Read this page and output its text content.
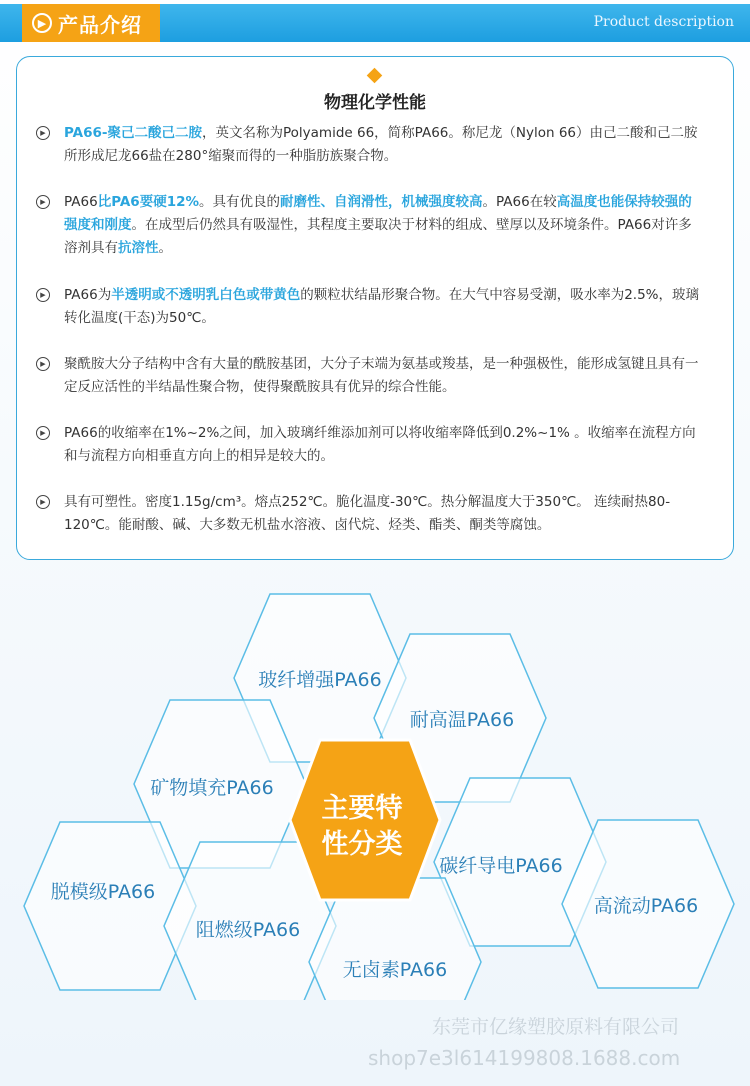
▶ 产品介绍	Product description
物理化学性能
▶	PA66-聚己二酸己二胺，英文名称为Polyamide 66，简称PA66。称尼龙（Nylon 66）由己二酸和己二胺所形成尼龙66盐在280°缩聚而得的一种脂肪族聚合物。
▶	PA66比PA6要硬12%。具有优良的耐磨性、自润滑性，机械强度较高。PA66在较高温度也能保持较强的强度和刚度。在成型后仍然具有吸湿性，其程度主要取决于材料的组成、壁厚以及环境条件。PA66对许多溶剂具有抗溶性。
▶	PA66为半透明或不透明乳白色或带黄色的颗粒状结晶形聚合物。在大气中容易受潮，吸水率为2.5%，玻璃转化温度(干态)为50℃。
▶	聚酰胺大分子结构中含有大量的酰胺基团，大分子末端为氨基或羧基，是一种强极性，能形成氢键且具有一定反应活性的半结晶性聚合物，使得聚酰胺具有优异的综合性能。
▶	PA66的收缩率在1%~2%之间，加入玻璃纤维添加剂可以将收缩率降低到0.2%~1% 。收缩率在流程方向和与流程方向相垂直方向上的相异是较大的。
▶	具有可塑性。密度1.15g/cm³。熔点252℃。脆化温度-30℃。热分解温度大于350℃。 连续耐热80-120℃。能耐酸、碱、大多数无机盐水溶液、卤代烷、烃类、酯类、酮类等腐蚀。
玻纤增强PA66
耐高温PA66
矿物填充PA66
碳纤导电PA66
脱模级PA66
阻燃级PA66
无卤素PA66
高流动PA66
主要特
性分类
东莞市亿缘塑胶原料有限公司
shop7e3l614199808.1688.com
